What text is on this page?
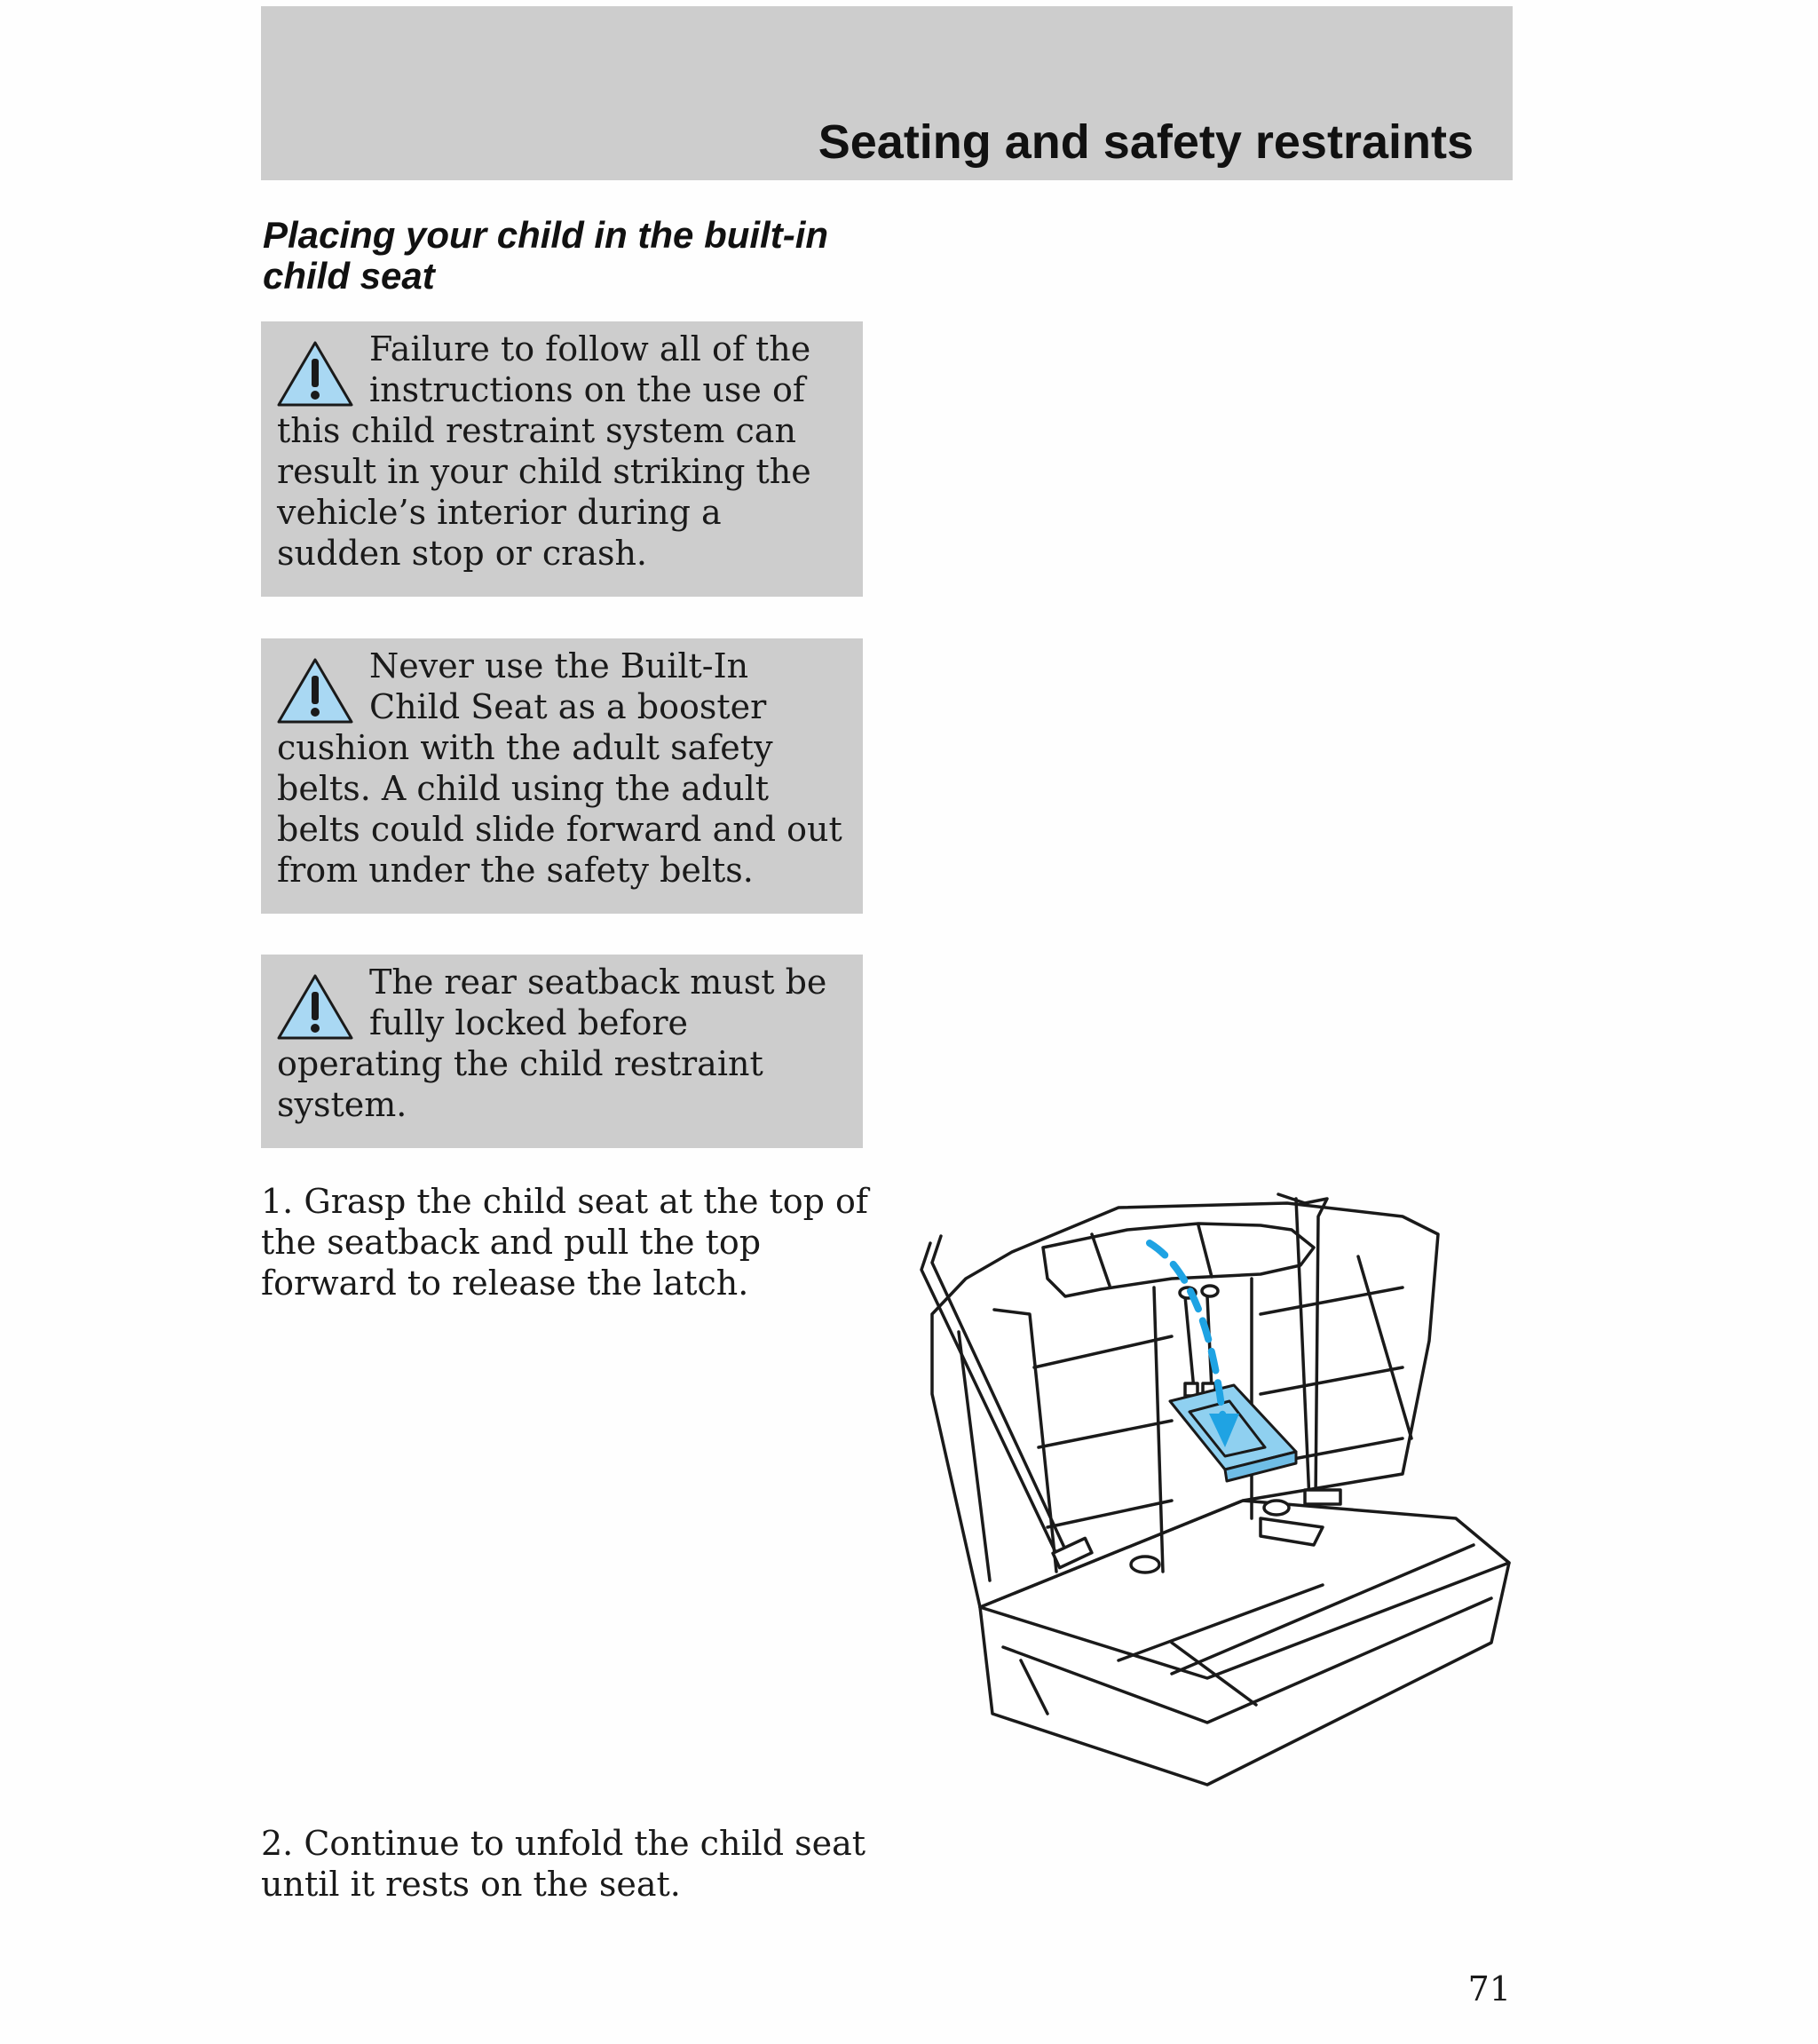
Seating and safety restraints
Placing your child in the built-in child seat

Failure to follow all of the instructions on the use of this child restraint system can result in your child striking the vehicle’s interior during a sudden stop or crash.

Never use the Built-In Child Seat as a booster cushion with the adult safety belts. A child using the adult belts could slide forward and out from under the safety belts.

The rear seatback must be fully locked before operating the child restraint system.

1. Grasp the child seat at the top of the seatback and pull the top forward to release the latch.

2. Continue to unfold the child seat until it rests on the seat.

71
